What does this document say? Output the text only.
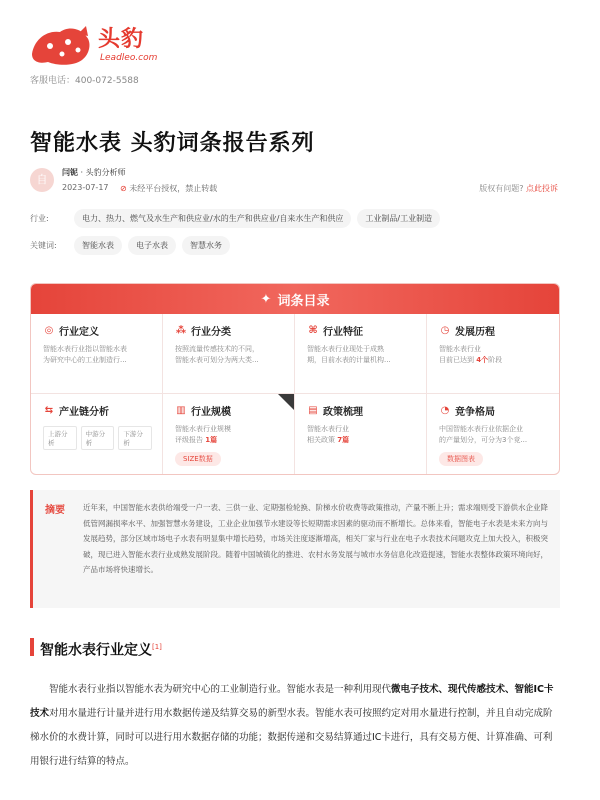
头豹
Leadleo.com
客服电话：400-072-5588
智能水表 头豹词条报告系列
自
闫铌 · 头豹分析师
2023-07-17 ⊘ 未经平台授权，禁止转载	版权有问题? 点此投诉
行业:	电力、热力、燃气及水生产和供应业/水的生产和供应业/自来水生产和供应	工业制品/工业制造
关键词:	智能水表	电子水表	智慧水务
✦ 词条目录
◎ 行业定义
智能水表行业指以智能水表
为研究中心的工业制造行...
⁂ 行业分类
按照流量传感技术的不同，
智能水表可划分为两大类...
⌘ 行业特征
智能水表行业现处于成熟
期，目前水表的计量机构...
◷ 发展历程
智能水表行业
目前已达到 4个阶段
⇆ 产业链分析
上游分析
中游分析
下游分析
▥ 行业规模
智能水表行业规模
评级报告 1篇
SIZE数据
▤ 政策梳理
智能水表行业
相关政策 7篇
◔ 竞争格局
中国智能水表行业依据企业
的产量划分，可分为3个竞...
数据图表
摘要 近年来，中国智能水表供给端受一户一表、三供一业、定期强检轮换、阶梯水价收费等政策推动，产量不断上升；需求端则受下游供水企业降低管网漏损率水平、加强智慧水务建设，工业企业加强节水建设等长短期需求因素的驱动而不断增长。总体来看，智能电子水表是未来方向与发展趋势，部分区域市场电子水表有明显集中增长趋势，市场关注度逐渐增高，相关厂家与行业在电子水表技术问题攻克上加大投入，积极突破，现已进入智能水表行业成熟发展阶段。随着中国城镇化的推进、农村水务发展与城市水务信息化改造提速，智能水表整体政策环境向好，产品市场将快速增长。
智能水表行业定义[1]
智能水表行业指以智能水表为研究中心的工业制造行业。智能水表是一种利用现代微电子技术、现代传感技术、智能IC卡技术对用水量进行计量并进行用水数据传递及结算交易的新型水表。智能水表可按照约定对用水量进行控制，并且自动完成阶梯水价的水费计算，同时可以进行用水数据存储的功能；数据传递和交易结算通过IC卡进行，具有交易方便、计算准确、可利用银行进行结算的特点。
